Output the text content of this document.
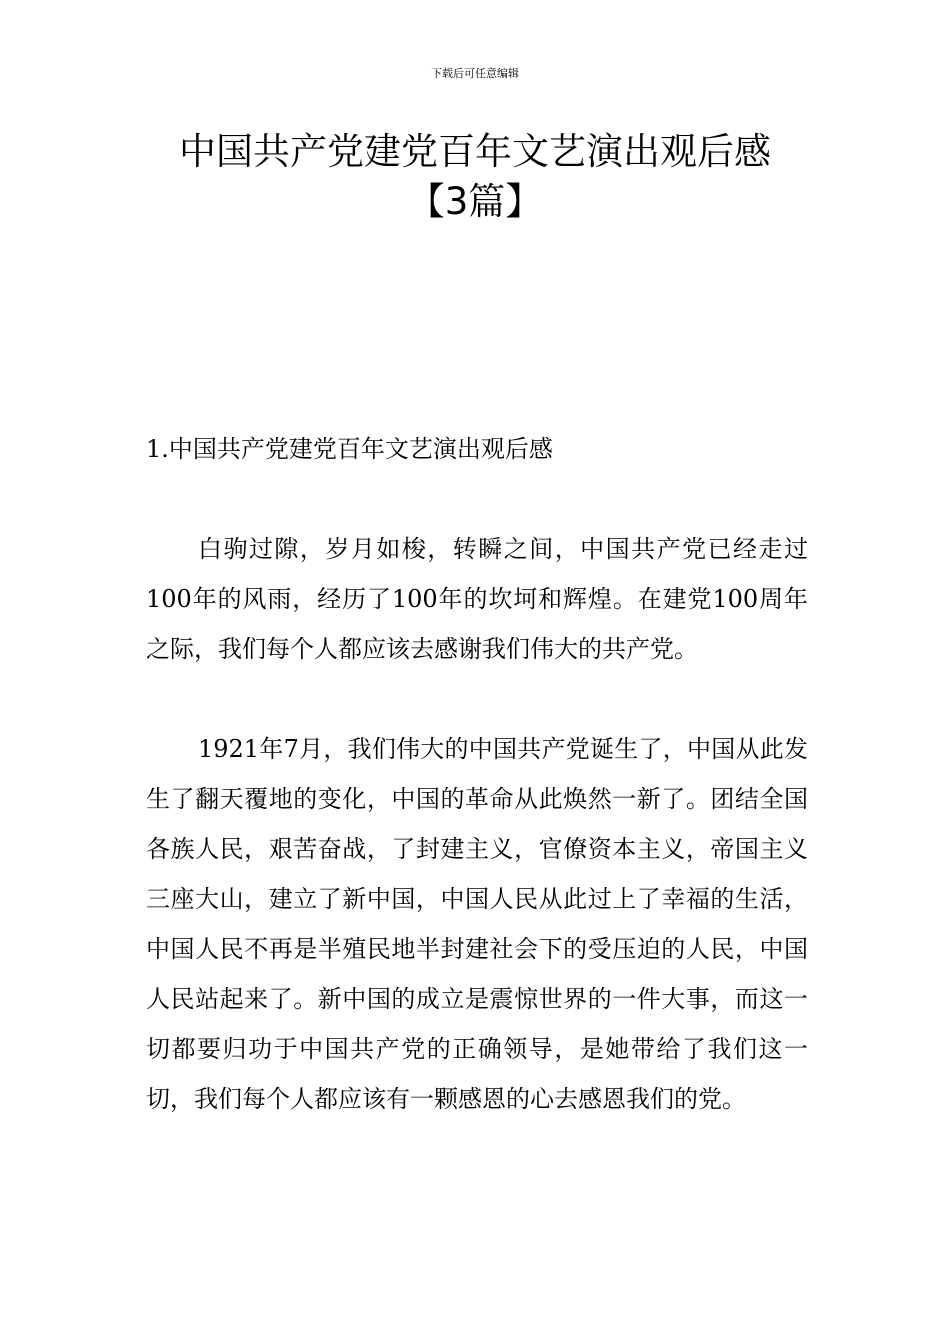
下载后可任意编辑
中国共产党建党百年文艺演出观后感【3篇】
1.中国共产党建党百年文艺演出观后感

白驹过隙，岁月如梭，转瞬之间，中国共产党已经走过100年的风雨，经历了100年的坎坷和辉煌。在建党100周年之际，我们每个人都应该去感谢我们伟大的共产党。

1921年7月，我们伟大的中国共产党诞生了，中国从此发生了翻天覆地的变化，中国的革命从此焕然一新了。团结全国各族人民，艰苦奋战，了封建主义，官僚资本主义，帝国主义三座大山，建立了新中国，中国人民从此过上了幸福的生活，中国人民不再是半殖民地半封建社会下的受压迫的人民，中国人民站起来了。新中国的成立是震惊世界的一件大事，而这一切都要归功于中国共产党的正确领导，是她带给了我们这一切，我们每个人都应该有一颗感恩的心去感恩我们的党。
